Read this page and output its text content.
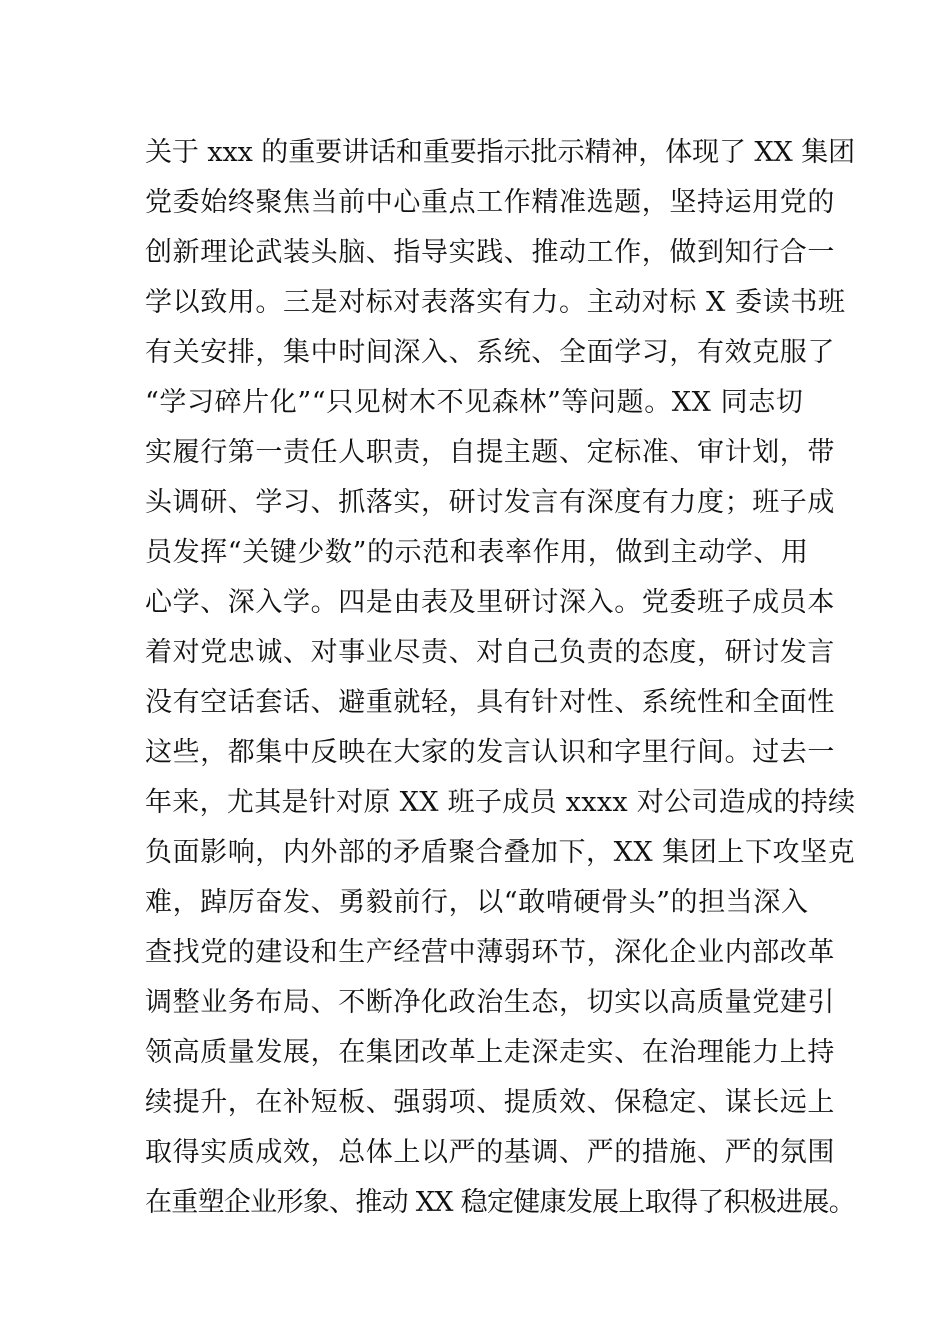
关于 xxx 的重要讲话和重要指示批示精神，体现了 XX 集团
党委始终聚焦当前中心重点工作精准选题，坚持运用党的
创新理论武装头脑、指导实践、推动工作，做到知行合一
学以致用。三是对标对表落实有力。主动对标 X 委读书班
有关安排，集中时间深入、系统、全面学习，有效克服了
“学习碎片化”“只见树木不见森林”等问题。XX 同志切
实履行第一责任人职责，自提主题、定标准、审计划，带
头调研、学习、抓落实，研讨发言有深度有力度；班子成
员发挥“关键少数”的示范和表率作用，做到主动学、用
心学、深入学。四是由表及里研讨深入。党委班子成员本
着对党忠诚、对事业尽责、对自己负责的态度，研讨发言
没有空话套话、避重就轻，具有针对性、系统性和全面性
这些，都集中反映在大家的发言认识和字里行间。过去一
年来，尤其是针对原 XX 班子成员 xxxx 对公司造成的持续
负面影响，内外部的矛盾聚合叠加下，XX 集团上下攻坚克
难，踔厉奋发、勇毅前行，以“敢啃硬骨头”的担当深入
查找党的建设和生产经营中薄弱环节，深化企业内部改革
调整业务布局、不断净化政治生态，切实以高质量党建引
领高质量发展，在集团改革上走深走实、在治理能力上持
续提升，在补短板、强弱项、提质效、保稳定、谋长远上
取得实质成效，总体上以严的基调、严的措施、严的氛围
在重塑企业形象、推动 XX 稳定健康发展上取得了积极进展。
